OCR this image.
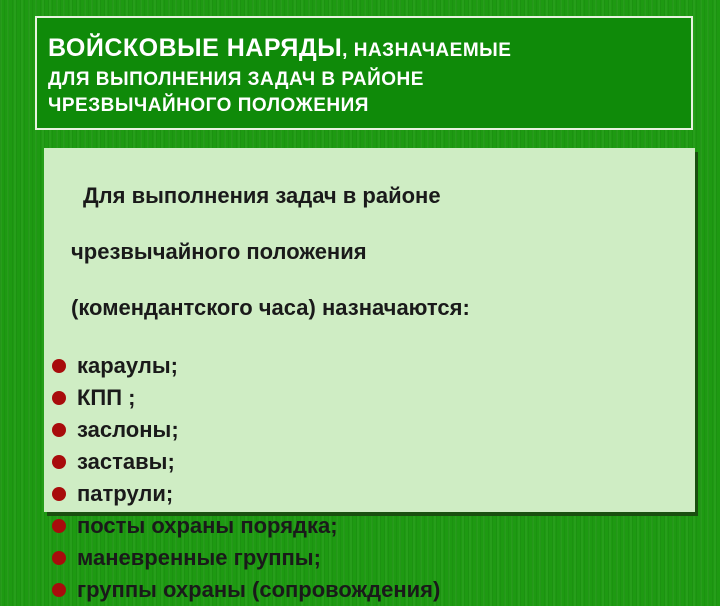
ВОЙСКОВЫЕ НАРЯДЫ, НАЗНАЧАЕМЫЕ
ДЛЯ ВЫПОЛНЕНИЯ ЗАДАЧ В РАЙОНЕ
ЧРЕЗВЫЧАЙНОГО ПОЛОЖЕНИЯ

Для выполнения задач в районе

чрезвычайного положения

(комендантского часа) назначаются:

караулы;
КПП ;
заслоны;
заставы;
патрули;
посты охраны порядка;
маневренные группы;
группы охраны (сопровождения)
